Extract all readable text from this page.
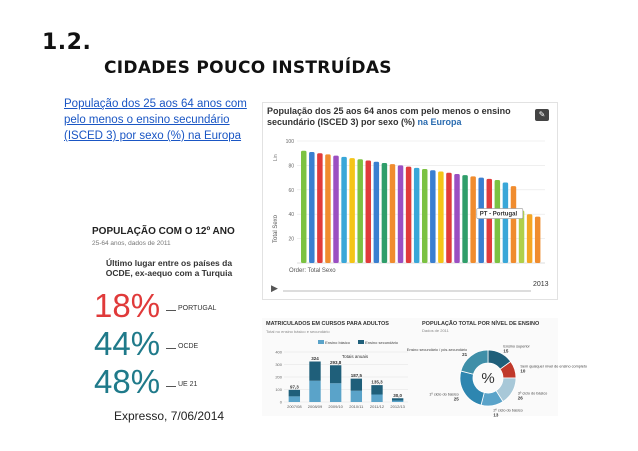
1.2.
CIDADES POUCO INSTRUÍDAS
População dos 25 aos 64 anos com pelo menos o ensino secundário (ISCED 3) por sexo (%) na Europa
POPULAÇÃO COM O 12º ANO
25-64 anos, dados de 2011
Último lugar entre os países da OCDE, ex-aequo com a Turquia
18%	PORTUGAL
44%	OCDE
48%	UE 21
Expresso, 7/06/2014
População dos 25 aos 64 anos com pelo menos o ensino secundário (ISCED 3) por sexo (%) na Europa
✎
100
80
60
40
20
Total Sexo
Lin
PT - Portugal
Order: Total Sexo
▶	2013
MATRICULADOS EM CURSOS PARA ADULTOS
Total no ensino básico e secundário
Ensino básico	Ensino secundário
400
300
200
100
0
97,3
2007/08
324
2008/09
293,8
2009/10
187,5
2010/11
135,3
2011/12
30,0
2012/13
Totais anuais
POPULAÇÃO TOTAL POR NÍVEL DE ENSINO
Dados de 2011
%
Ensino superior
15
Sem qualquer nível de ensino completo
10
3º ciclo do básico
26
2º ciclo do básico
13
1º ciclo do básico
25
Ensino secundário / pós-secundário
21
